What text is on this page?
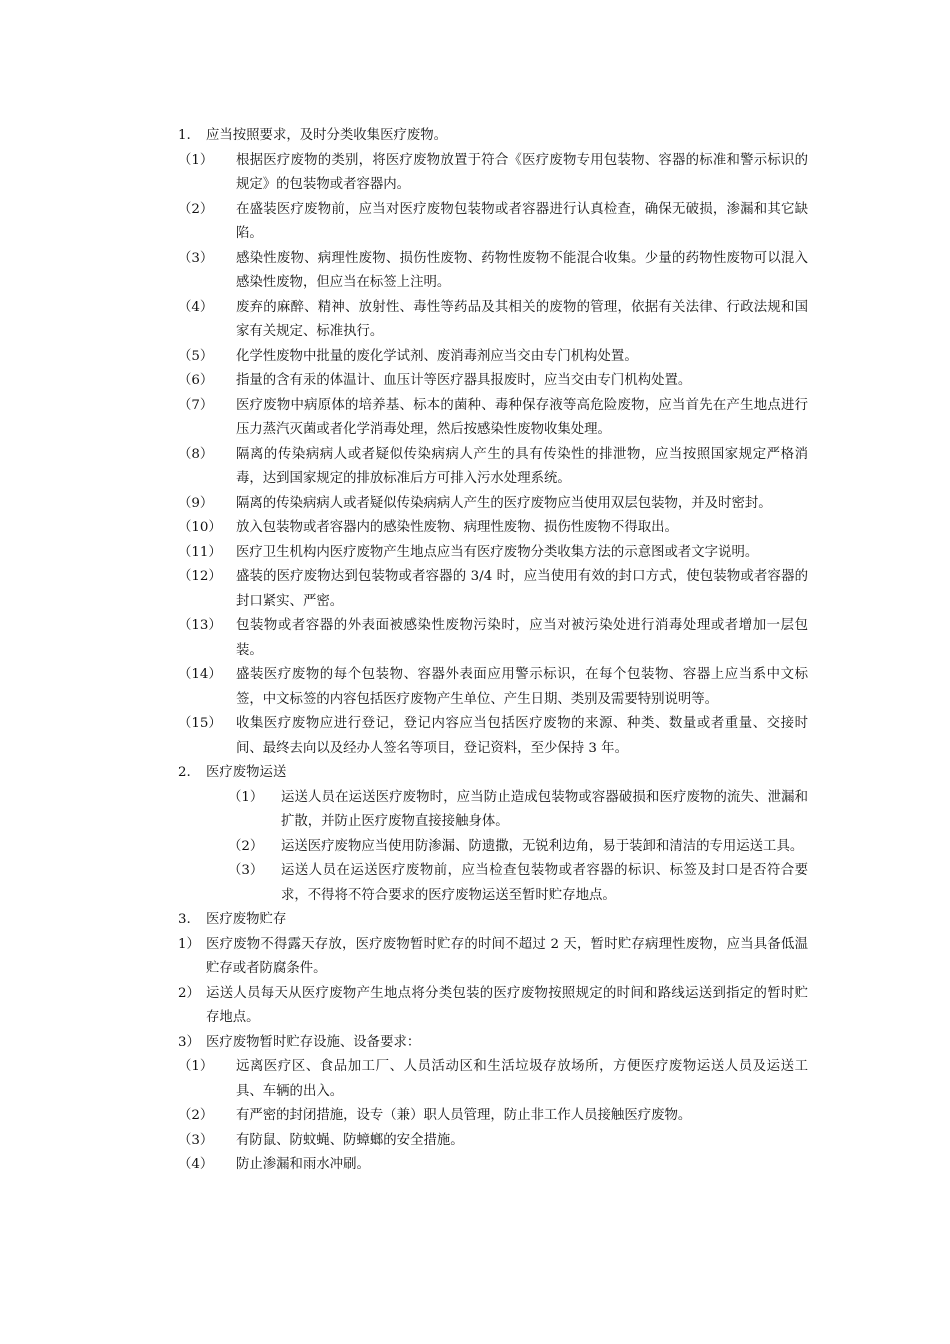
1. 应当按照要求，及时分类收集医疗废物。
（1） 根据医疗废物的类别，将医疗废物放置于符合《医疗废物专用包装物、容器的标准和警示标识的规定》的包装物或者容器内。
（2） 在盛装医疗废物前，应当对医疗废物包装物或者容器进行认真检查，确保无破损，渗漏和其它缺陷。
（3） 感染性废物、病理性废物、损伤性废物、药物性废物不能混合收集。少量的药物性废物可以混入感染性废物，但应当在标签上注明。
（4） 废弃的麻醉、精神、放射性、毒性等药品及其相关的废物的管理，依据有关法律、行政法规和国家有关规定、标准执行。
（5） 化学性废物中批量的废化学试剂、废消毒剂应当交由专门机构处置。
（6） 指量的含有汞的体温计、血压计等医疗器具报废时，应当交由专门机构处置。
（7） 医疗废物中病原体的培养基、标本的菌种、毒种保存液等高危险废物，应当首先在产生地点进行压力蒸汽灭菌或者化学消毒处理，然后按感染性废物收集处理。
（8） 隔离的传染病病人或者疑似传染病病人产生的具有传染性的排泄物，应当按照国家规定严格消毒，达到国家规定的排放标准后方可排入污水处理系统。
（9） 隔离的传染病病人或者疑似传染病病人产生的医疗废物应当使用双层包装物，并及时密封。
（10） 放入包装物或者容器内的感染性废物、病理性废物、损伤性废物不得取出。
（11） 医疗卫生机构内医疗废物产生地点应当有医疗废物分类收集方法的示意图或者文字说明。
（12） 盛装的医疗废物达到包装物或者容器的 3/4 时，应当使用有效的封口方式，使包装物或者容器的封口紧实、严密。
（13） 包装物或者容器的外表面被感染性废物污染时，应当对被污染处进行消毒处理或者增加一层包装。
（14） 盛装医疗废物的每个包装物、容器外表面应用警示标识，在每个包装物、容器上应当系中文标签，中文标签的内容包括医疗废物产生单位、产生日期、类别及需要特别说明等。
（15） 收集医疗废物应进行登记，登记内容应当包括医疗废物的来源、种类、数量或者重量、交接时间、最终去向以及经办人签名等项目，登记资料，至少保持 3 年。
2. 医疗废物运送
（1） 运送人员在运送医疗废物时，应当防止造成包装物或容器破损和医疗废物的流失、泄漏和扩散，并防止医疗废物直接接触身体。
（2） 运送医疗废物应当使用防渗漏、防遗撒，无锐利边角，易于装卸和清洁的专用运送工具。
（3） 运送人员在运送医疗废物前，应当检查包装物或者容器的标识、标签及封口是否符合要求，不得将不符合要求的医疗废物运送至暂时贮存地点。
3. 医疗废物贮存
1） 医疗废物不得露天存放，医疗废物暂时贮存的时间不超过 2 天，暂时贮存病理性废物，应当具备低温贮存或者防腐条件。
2） 运送人员每天从医疗废物产生地点将分类包装的医疗废物按照规定的时间和路线运送到指定的暂时贮存地点。
3） 医疗废物暂时贮存设施、设备要求：
（1） 远离医疗区、食品加工厂、人员活动区和生活垃圾存放场所，方便医疗废物运送人员及运送工具、车辆的出入。
（2） 有严密的封闭措施，设专（兼）职人员管理，防止非工作人员接触医疗废物。
（3） 有防鼠、防蚊蝇、防蟑螂的安全措施。
（4） 防止渗漏和雨水冲刷。
